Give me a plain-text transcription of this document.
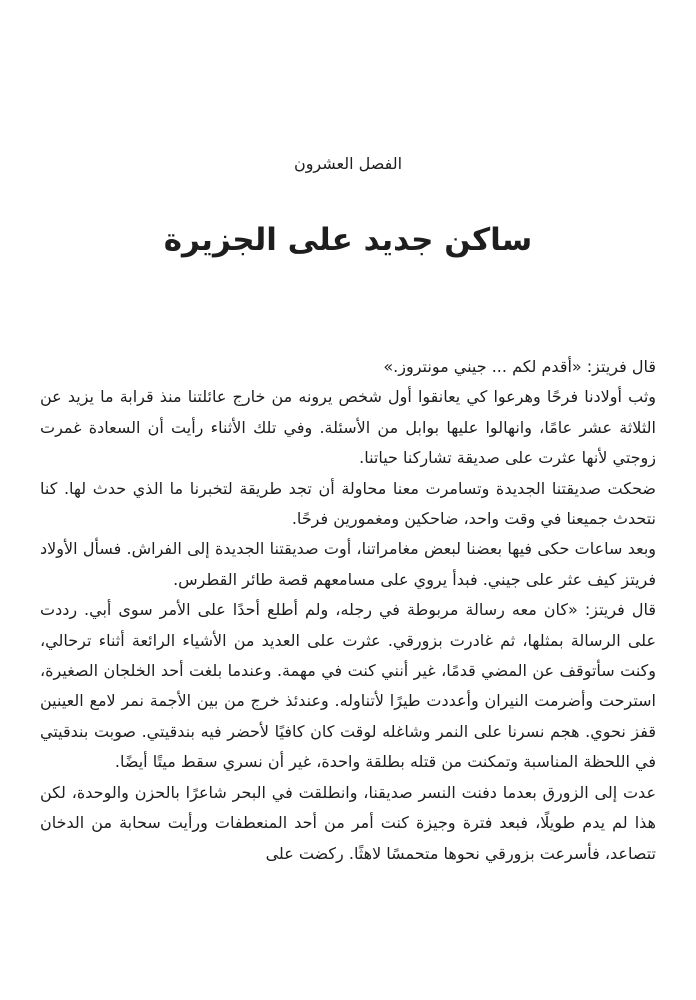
الفصل العشرون
ساكن جديد على الجزيرة

قال فريتز: «أقدم لكم ... جيني مونتروز.»

وثب أولادنا فرحًا وهرعوا كي يعانقوا أول شخص يرونه من خارج عائلتنا منذ قرابة ما يزيد عن الثلاثة عشر عامًا، وانهالوا عليها بوابل من الأسئلة. وفي تلك الأثناء رأيت أن السعادة غمرت زوجتي لأنها عثرت على صديقة تشاركنا حياتنا.

ضحكت صديقتنا الجديدة وتسامرت معنا محاولة أن تجد طريقة لتخبرنا ما الذي حدث لها. كنا نتحدث جميعنا في وقت واحد، ضاحكين ومغمورين فرحًا.

وبعد ساعات حكى فيها بعضنا لبعض مغامراتنا، أوت صديقتنا الجديدة إلى الفراش. فسأل الأولاد فريتز كيف عثر على جيني. فبدأ يروي على مسامعهم قصة طائر القطرس.

قال فريتز: «كان معه رسالة مربوطة في رجله، ولم أطلع أحدًا على الأمر سوى أبي. رددت على الرسالة بمثلها، ثم غادرت بزورقي. عثرت على العديد من الأشياء الرائعة أثناء ترحالي، وكنت سأتوقف عن المضي قدمًا، غير أنني كنت في مهمة. وعندما بلغت أحد الخلجان الصغيرة، استرحت وأضرمت النيران وأعددت طيرًا لأتناوله. وعندئذ خرج من بين الأجمة نمر لامع العينين قفز نحوي. هجم نسرنا على النمر وشاغله لوقت كان كافيًا لأحضر فيه بندقيتي. صوبت بندقيتي في اللحظة المناسبة وتمكنت من قتله بطلقة واحدة، غير أن نسري سقط ميتًا أيضًا.

عدت إلى الزورق بعدما دفنت النسر صديقنا، وانطلقت في البحر شاعرًا بالحزن والوحدة، لكن هذا لم يدم طويلًا، فبعد فترة وجيزة كنت أمر من أحد المنعطفات ورأيت سحابة من الدخان تتصاعد، فأسرعت بزورقي نحوها متحمسًا لاهثًا. ركضت على
